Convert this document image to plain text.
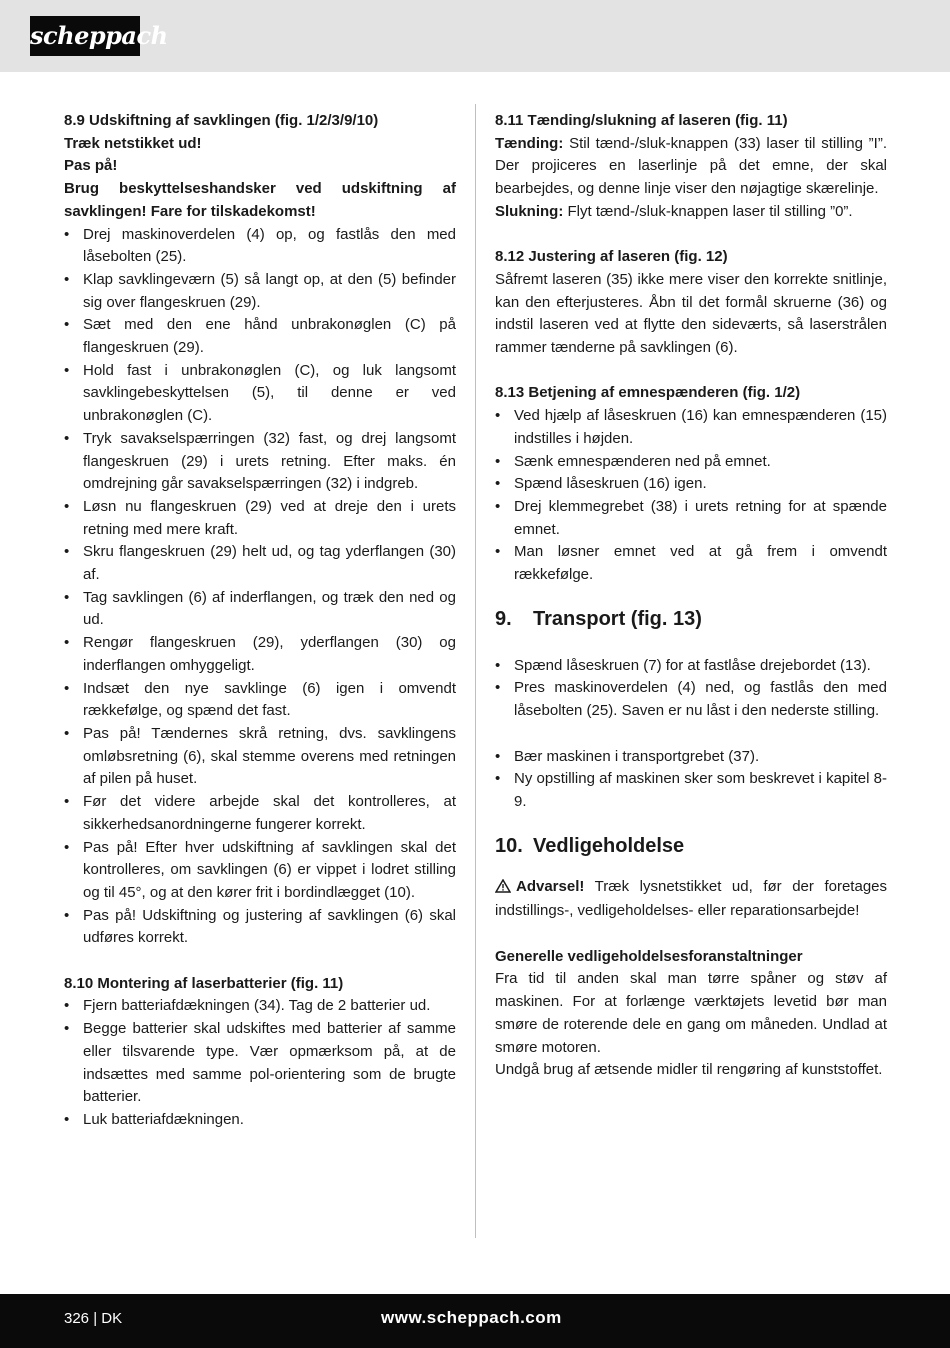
scheppach

8.9 Udskiftning af savklingen (fig. 1/2/3/9/10)

Træk netstikket ud!

Pas på!

Brug beskyttelseshandsker ved udskiftning af savklingen! Fare for tilskadekomst!

• Drej maskinoverdelen (4) op, og fastlås den med låsebolten (25).
• Klap savklingeværn (5) så langt op, at den (5) befinder sig over flangeskruen (29).
• Sæt med den ene hånd unbrakonøglen (C) på flangeskruen (29).
• Hold fast i unbrakonøglen (C), og luk langsomt savklingebeskyttelsen (5), til denne er ved unbrakonøglen (C).
• Tryk savakselspærringen (32) fast, og drej langsomt flangeskruen (29) i urets retning. Efter maks. én omdrejning går savakselspærringen (32) i indgreb.
• Løsn nu flangeskruen (29) ved at dreje den i urets retning med mere kraft.
• Skru flangeskruen (29) helt ud, og tag yderflangen (30) af.
• Tag savklingen (6) af inderflangen, og træk den ned og ud.
• Rengør flangeskruen (29), yderflangen (30) og inderflangen omhyggeligt.
• Indsæt den nye savklinge (6) igen i omvendt rækkefølge, og spænd det fast.
• Pas på! Tændernes skrå retning, dvs. savklingens omløbsretning (6), skal stemme overens med retningen af pilen på huset.
• Før det videre arbejde skal det kontrolleres, at sikkerhedsanordningerne fungerer korrekt.
• Pas på! Efter hver udskiftning af savklingen skal det kontrolleres, om savklingen (6) er vippet i lodret stilling og til 45°, og at den kører frit i bordindlægget (10).
• Pas på! Udskiftning og justering af savklingen (6) skal udføres korrekt.

8.10 Montering af laserbatterier (fig. 11)

• Fjern batteriafdækningen (34). Tag de 2 batterier ud.
• Begge batterier skal udskiftes med batterier af samme eller tilsvarende type. Vær opmærksom på, at de indsættes med samme pol-orientering som de brugte batterier.
• Luk batteriafdækningen.

8.11 Tænding/slukning af laseren (fig. 11)

Tænding: Stil tænd-/sluk-knappen (33) laser til stilling ”I”. Der projiceres en laserlinje på det emne, der skal bearbejdes, og denne linje viser den nøjagtige skærelinje.

Slukning: Flyt tænd-/sluk-knappen laser til stilling ”0”.

8.12 Justering af laseren (fig. 12)

Såfremt laseren (35) ikke mere viser den korrekte snitlinje, kan den efterjusteres. Åbn til det formål skruerne (36) og indstil laseren ved at flytte den sideværts, så laserstrålen rammer tænderne på savklingen (6).

8.13 Betjening af emnespænderen (fig. 1/2)

• Ved hjælp af låseskruen (16) kan emnespænderen (15) indstilles i højden.
• Sænk emnespænderen ned på emnet.
• Spænd låseskruen (16) igen.
• Drej klemmegrebet (38) i urets retning for at spænde emnet.
• Man løsner emnet ved at gå frem i omvendt rækkefølge.
9. Transport (fig. 13)
• Spænd låseskruen (7) for at fastlåse drejebordet (13).
• Pres maskinoverdelen (4) ned, og fastlås den med låsebolten (25). Saven er nu låst i den nederste stilling.
• Bær maskinen i transportgrebet (37).
• Ny opstilling af maskinen sker som beskrevet i kapitel 8-9.
10. Vedligeholdelse

Advarsel! Træk lysnetstikket ud, før der foretages indstillings-, vedligeholdelses- eller reparationsarbejde!

Generelle vedligeholdelsesforanstaltninger

Fra tid til anden skal man tørre spåner og støv af maskinen. For at forlænge værktøjets levetid bør man smøre de roterende dele en gang om måneden. Undlad at smøre motoren.

Undgå brug af ætsende midler til rengøring af kunststoffet.

326 | DK	www.scheppach.com
